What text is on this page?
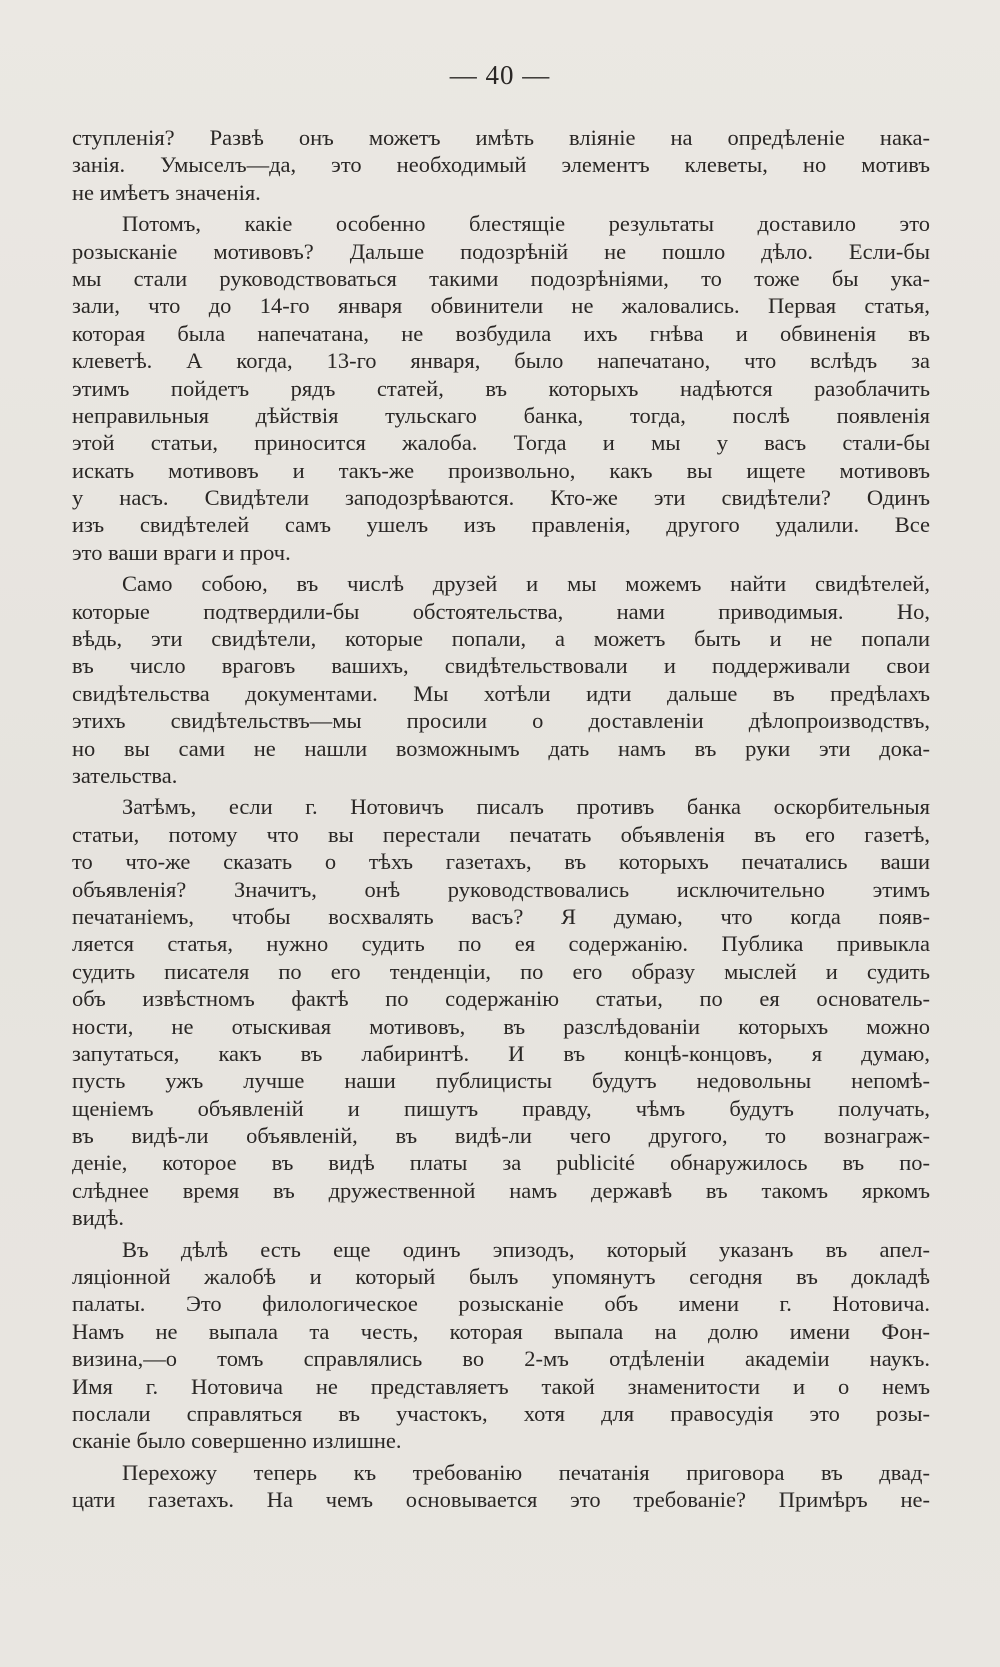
— 40 —
ступленія? Развѣ онъ можетъ имѣть вліяніе на опредѣленіе нака-
занія. Умыселъ—да, это необходимый элементъ клеветы, но мотивъ
не имѣетъ значенія.
Потомъ, какіе особенно блестящіе результаты доставило это
розысканіе мотивовъ? Дальше подозрѣній не пошло дѣло. Если-бы
мы стали руководствоваться такими подозрѣніями, то тоже бы ука-
зали, что до 14-го января обвинители не жаловались. Первая статья,
которая была напечатана, не возбудила ихъ гнѣва и обвиненія въ
клеветѣ. А когда, 13-го января, было напечатано, что вслѣдъ за
этимъ пойдетъ рядъ статей, въ которыхъ надѣются разоблачить
неправильныя дѣйствія тульскаго банка, тогда, послѣ появленія
этой статьи, приносится жалоба. Тогда и мы у васъ стали-бы
искать мотивовъ и такъ-же произвольно, какъ вы ищете мотивовъ
у насъ. Свидѣтели заподозрѣваются. Кто-же эти свидѣтели? Одинъ
изъ свидѣтелей самъ ушелъ изъ правленія, другого удалили. Все
это ваши враги и проч.
Само собою, въ числѣ друзей и мы можемъ найти свидѣтелей,
которые подтвердили-бы обстоятельства, нами приводимыя. Но,
вѣдь, эти свидѣтели, которые попали, а можетъ быть и не попали
въ число враговъ вашихъ, свидѣтельствовали и поддерживали свои
свидѣтельства документами. Мы хотѣли идти дальше въ предѣлахъ
этихъ свидѣтельствъ—мы просили о доставленіи дѣлопроизводствъ,
но вы сами не нашли возможнымъ дать намъ въ руки эти дока-
зательства.
Затѣмъ, если г. Нотовичъ писалъ противъ банка оскорбительныя
статьи, потому что вы перестали печатать объявленія въ его газетѣ,
то что-же сказать о тѣхъ газетахъ, въ которыхъ печатались ваши
объявленія? Значитъ, онѣ руководствовались исключительно этимъ
печатаніемъ, чтобы восхвалять васъ? Я думаю, что когда появ-
ляется статья, нужно судить по ея содержанію. Публика привыкла
судить писателя по его тенденціи, по его образу мыслей и судить
объ извѣстномъ фактѣ по содержанію статьи, по ея основатель-
ности, не отыскивая мотивовъ, въ разслѣдованіи которыхъ можно
запутаться, какъ въ лабиринтѣ. И въ концѣ-концовъ, я думаю,
пусть ужъ лучше наши публицисты будутъ недовольны непомѣ-
щеніемъ объявленій и пишутъ правду, чѣмъ будутъ получать,
въ видѣ-ли объявленій, въ видѣ-ли чего другого, то вознаграж-
деніе, которое въ видѣ платы за publicité обнаружилось въ по-
слѣднее время въ дружественной намъ державѣ въ такомъ яркомъ
видѣ.
Въ дѣлѣ есть еще одинъ эпизодъ, который указанъ въ апел-
ляціонной жалобѣ и который былъ упомянутъ сегодня въ докладѣ
палаты. Это филологическое розысканіе объ имени г. Нотовича.
Намъ не выпала та честь, которая выпала на долю имени Фон-
визина,—о томъ справлялись во 2-мъ отдѣленіи академіи наукъ.
Имя г. Нотовича не представляетъ такой знаменитости и о немъ
послали справляться въ участокъ, хотя для правосудія это розы-
сканіе было совершенно излишне.
Перехожу теперь къ требованію печатанія приговора въ двад-
цати газетахъ. На чемъ основывается это требованіе? Примѣръ не-
